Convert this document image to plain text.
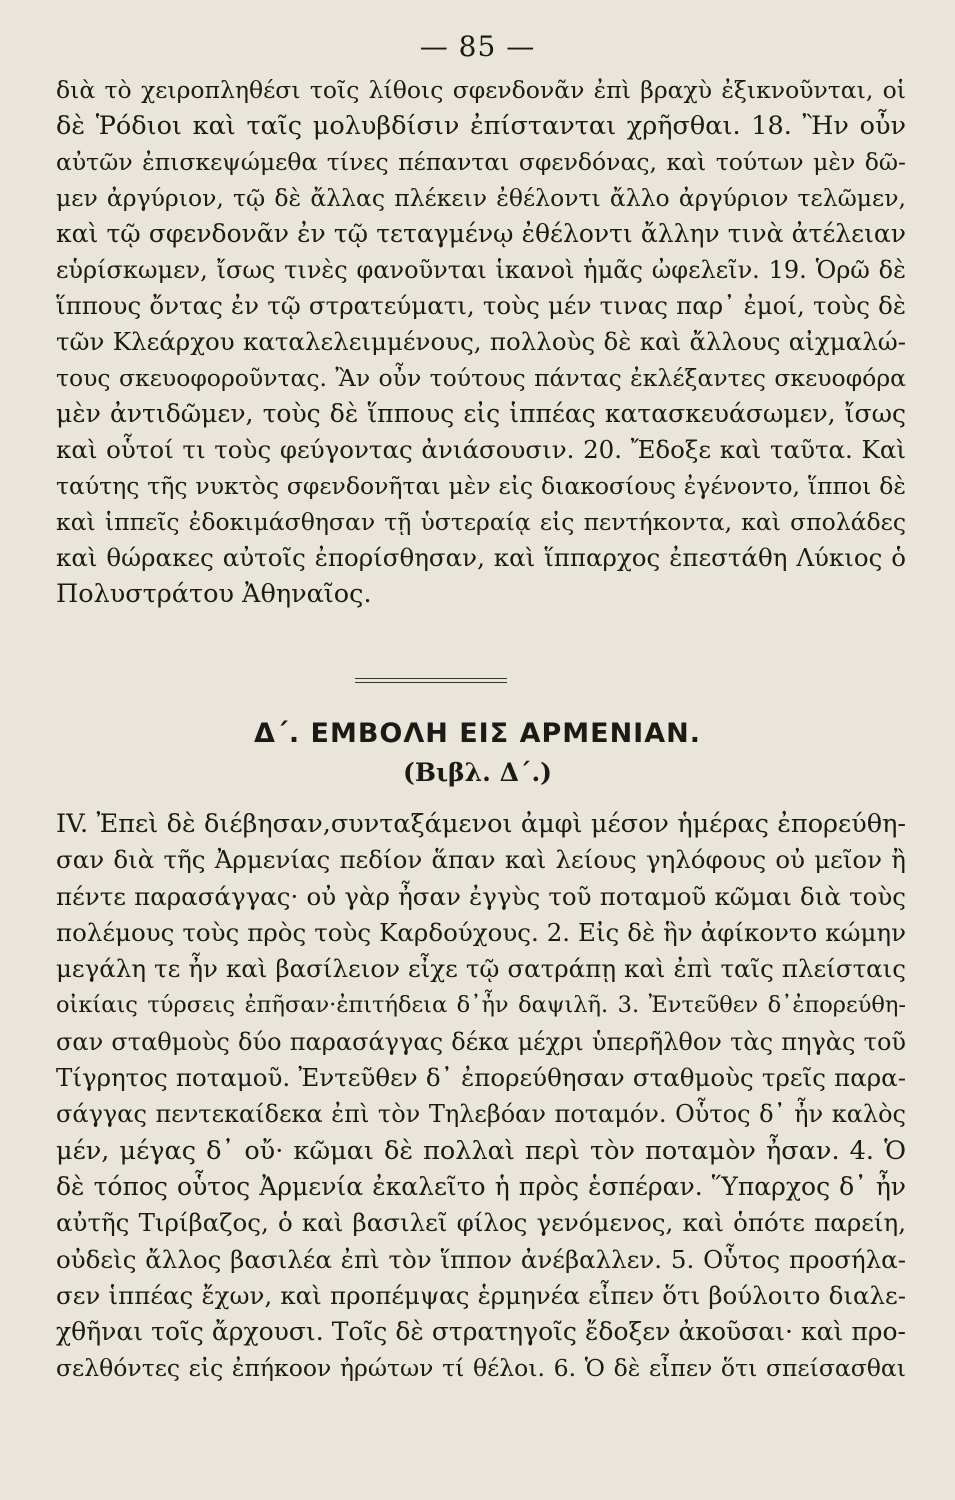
— 85 —
διὰ τὸ χειροπληθέσι τοῖς λίθοις σφενδονᾶν ἐπὶ βραχὺ ἐξικνοῦνται, οἱ
δὲ Ῥόδιοι καὶ ταῖς μολυβδίσιν ἐπίστανται χρῆσθαι. 18. Ἢν οὖν
αὐτῶν ἐπισκεψώμεθα τίνες πέπανται σφενδόνας, καὶ τούτων μὲν δῶ-
μεν ἀργύριον, τῷ δὲ ἄλλας πλέκειν ἐθέλοντι ἄλλο ἀργύριον τελῶμεν,
καὶ τῷ σφενδονᾶν ἐν τῷ τεταγμένῳ ἐθέλοντι ἄλλην τινὰ ἀτέλειαν
εὑρίσκωμεν, ἴσως τινὲς φανοῦνται ἱκανοὶ ἡμᾶς ὠφελεῖν. 19. Ὁρῶ δὲ
ἵππους ὄντας ἐν τῷ στρατεύματι, τοὺς μέν τινας παρ᾽ ἐμοί, τοὺς δὲ
τῶν Κλεάρχου καταλελειμμένους, πολλοὺς δὲ καὶ ἄλλους αἰχμαλώ-
τους σκευοφοροῦντας. Ἂν οὖν τούτους πάντας ἐκλέξαντες σκευοφόρα
μὲν ἀντιδῶμεν, τοὺς δὲ ἵππους εἰς ἱππέας κατασκευάσωμεν, ἴσως
καὶ οὗτοί τι τοὺς φεύγοντας ἀνιάσουσιν. 20. Ἔδοξε καὶ ταῦτα. Καὶ
ταύτης τῆς νυκτὸς σφενδονῆται μὲν εἰς διακοσίους ἐγένοντο, ἵπποι δὲ
καὶ ἱππεῖς ἐδοκιμάσθησαν τῇ ὑστεραίᾳ εἰς πεντήκοντα, καὶ σπολάδες
καὶ θώρακες αὐτοῖς ἐπορίσθησαν, καὶ ἵππαρχος ἐπεστάθη Λύκιος ὁ
Πολυστράτου Ἀθηναῖος.
Δ΄. ΕΜΒΟΛΗ ΕΙΣ ΑΡΜΕΝΙΑΝ.
(Βιβλ. Δ΄.)
IV. Ἐπεὶ δὲ διέβησαν,συνταξάμενοι ἀμφὶ μέσον ἡμέρας ἐπορεύθη-
σαν διὰ τῆς Ἀρμενίας πεδίον ἅπαν καὶ λείους γηλόφους οὐ μεῖον ἢ
πέντε παρασάγγας· οὐ γὰρ ἦσαν ἐγγὺς τοῦ ποταμοῦ κῶμαι διὰ τοὺς
πολέμους τοὺς πρὸς τοὺς Καρδούχους. 2. Εἰς δὲ ἣν ἀφίκοντο κώμην
μεγάλη τε ἦν καὶ βασίλειον εἶχε τῷ σατράπῃ καὶ ἐπὶ ταῖς πλείσταις
οἰκίαις τύρσεις ἐπῆσαν·ἐπιτήδεια δ᾽ἦν δαψιλῆ. 3. Ἐντεῦθεν δ᾽ἐπορεύθη-
σαν σταθμοὺς δύο παρασάγγας δέκα μέχρι ὑπερῆλθον τὰς πηγὰς τοῦ
Τίγρητος ποταμοῦ. Ἐντεῦθεν δ᾽ ἐπορεύθησαν σταθμοὺς τρεῖς παρα-
σάγγας πεντεκαίδεκα ἐπὶ τὸν Τηλεβόαν ποταμόν. Οὗτος δ᾽ ἦν καλὸς
μέν, μέγας δ᾽ οὔ· κῶμαι δὲ πολλαὶ περὶ τὸν ποταμὸν ἦσαν. 4. Ὁ
δὲ τόπος οὗτος Ἀρμενία ἐκαλεῖτο ἡ πρὸς ἑσπέραν. Ὕπαρχος δ᾽ ἦν
αὐτῆς Τιρίβαζος, ὁ καὶ βασιλεῖ φίλος γενόμενος, καὶ ὁπότε παρείη,
οὐδεὶς ἄλλος βασιλέα ἐπὶ τὸν ἵππον ἀνέβαλλεν. 5. Οὗτος προσήλα-
σεν ἱππέας ἔχων, καὶ προπέμψας ἑρμηνέα εἶπεν ὅτι βούλοιτο διαλε-
χθῆναι τοῖς ἄρχουσι. Τοῖς δὲ στρατηγοῖς ἔδοξεν ἀκοῦσαι· καὶ προ-
σελθόντες εἰς ἐπήκοον ἠρώτων τί θέλοι. 6. Ὁ δὲ εἶπεν ὅτι σπείσασθαι
